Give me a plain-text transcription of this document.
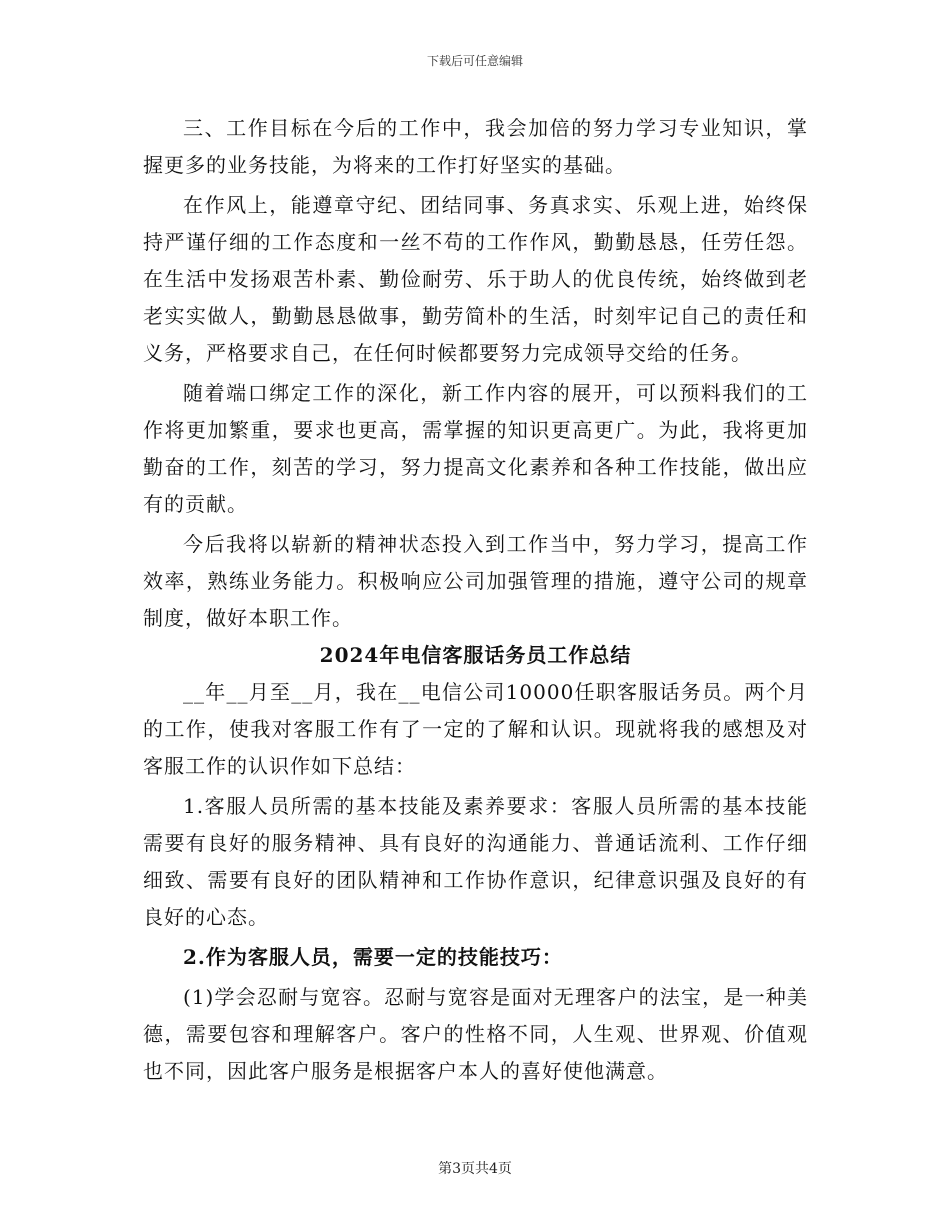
下载后可任意编辑

三、工作目标在今后的工作中，我会加倍的努力学习专业知识，掌握更多的业务技能，为将来的工作打好坚实的基础。

在作风上，能遵章守纪、团结同事、务真求实、乐观上进，始终保持严谨仔细的工作态度和一丝不苟的工作作风，勤勤恳恳，任劳任怨。在生活中发扬艰苦朴素、勤俭耐劳、乐于助人的优良传统，始终做到老老实实做人，勤勤恳恳做事，勤劳简朴的生活，时刻牢记自己的责任和义务，严格要求自己，在任何时候都要努力完成领导交给的任务。

随着端口绑定工作的深化，新工作内容的展开，可以预料我们的工作将更加繁重，要求也更高，需掌握的知识更高更广。为此，我将更加勤奋的工作，刻苦的学习，努力提高文化素养和各种工作技能，做出应有的贡献。

今后我将以崭新的精神状态投入到工作当中，努力学习，提高工作效率，熟练业务能力。积极响应公司加强管理的措施，遵守公司的规章制度，做好本职工作。

2024年电信客服话务员工作总结

__年__月至__月，我在__电信公司10000任职客服话务员。两个月的工作，使我对客服工作有了一定的了解和认识。现就将我的感想及对客服工作的认识作如下总结：

1.客服人员所需的基本技能及素养要求：客服人员所需的基本技能需要有良好的服务精神、具有良好的沟通能力、普通话流利、工作仔细细致、需要有良好的团队精神和工作协作意识，纪律意识强及良好的有良好的心态。

2.作为客服人员，需要一定的技能技巧：

(1)学会忍耐与宽容。忍耐与宽容是面对无理客户的法宝，是一种美德，需要包容和理解客户。客户的性格不同，人生观、世界观、价值观也不同，因此客户服务是根据客户本人的喜好使他满意。

第3页共4页
